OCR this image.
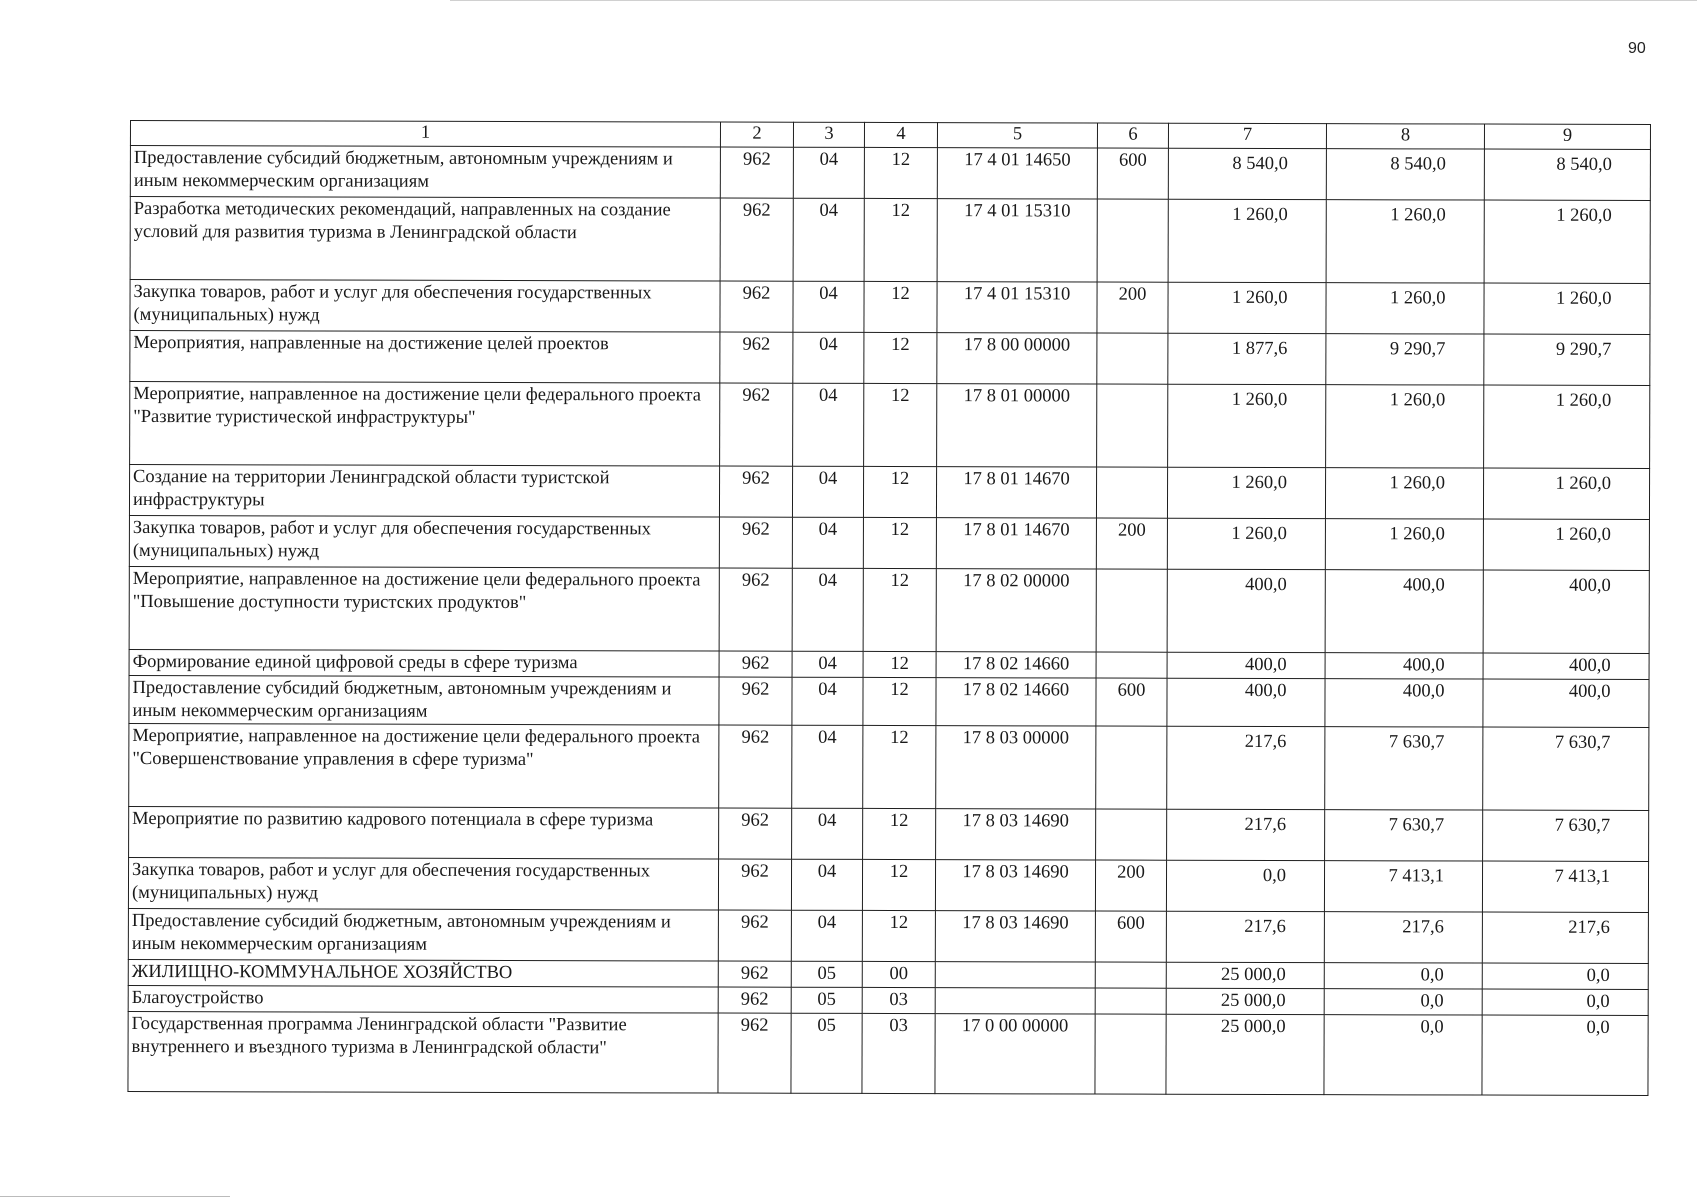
90
1	2	3	4	5	6	7	8	9
Предоставление субсидий бюджетным, автономным учреждениям и иным некоммерческим организациям	962	04	12	17 4 01 14650	600	8 540,0	8 540,0	8 540,0
Разработка методических рекомендаций, направленных на создание условий для развития туризма в Ленинградской области	962	04	12	17 4 01 15310		1 260,0	1 260,0	1 260,0
Закупка товаров, работ и услуг для обеспечения государственных (муниципальных) нужд	962	04	12	17 4 01 15310	200	1 260,0	1 260,0	1 260,0
Мероприятия, направленные на достижение целей проектов	962	04	12	17 8 00 00000		1 877,6	9 290,7	9 290,7
Мероприятие, направленное на достижение цели федерального проекта "Развитие туристической инфраструктуры"	962	04	12	17 8 01 00000		1 260,0	1 260,0	1 260,0
Создание на территории Ленинградской области туристской инфраструктуры	962	04	12	17 8 01 14670		1 260,0	1 260,0	1 260,0
Закупка товаров, работ и услуг для обеспечения государственных (муниципальных) нужд	962	04	12	17 8 01 14670	200	1 260,0	1 260,0	1 260,0
Мероприятие, направленное на достижение цели федерального проекта "Повышение доступности туристских продуктов"	962	04	12	17 8 02 00000		400,0	400,0	400,0
Формирование единой цифровой среды в сфере туризма	962	04	12	17 8 02 14660		400,0	400,0	400,0
Предоставление субсидий бюджетным, автономным учреждениям и иным некоммерческим организациям	962	04	12	17 8 02 14660	600	400,0	400,0	400,0
Мероприятие, направленное на достижение цели федерального проекта "Совершенствование управления в сфере туризма"	962	04	12	17 8 03 00000		217,6	7 630,7	7 630,7
Мероприятие по развитию кадрового потенциала в сфере туризма	962	04	12	17 8 03 14690		217,6	7 630,7	7 630,7
Закупка товаров, работ и услуг для обеспечения государственных (муниципальных) нужд	962	04	12	17 8 03 14690	200	0,0	7 413,1	7 413,1
Предоставление субсидий бюджетным, автономным учреждениям и иным некоммерческим организациям	962	04	12	17 8 03 14690	600	217,6	217,6	217,6
ЖИЛИЩНО-КОММУНАЛЬНОЕ ХОЗЯЙСТВО	962	05	00			25 000,0	0,0	0,0
Благоустройство	962	05	03			25 000,0	0,0	0,0
Государственная программа Ленинградской области "Развитие внутреннего и въездного туризма в Ленинградской области"	962	05	03	17 0 00 00000		25 000,0	0,0	0,0
